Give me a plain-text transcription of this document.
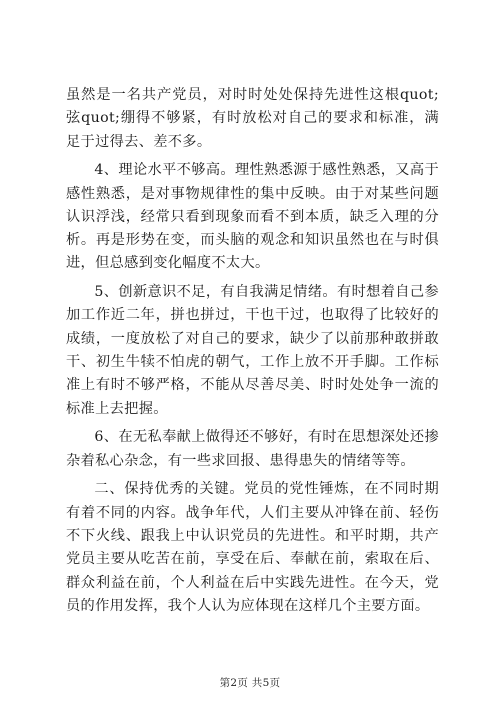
虽然是一名共产党员，对时时处处保持先进性这根quot;弦quot;绷得不够紧，有时放松对自己的要求和标准，满足于过得去、差不多。

4、理论水平不够高。理性熟悉源于感性熟悉，又高于感性熟悉，是对事物规律性的集中反映。由于对某些问题认识浮浅，经常只看到现象而看不到本质，缺乏入理的分析。再是形势在变，而头脑的观念和知识虽然也在与时俱进，但总感到变化幅度不太大。

5、创新意识不足，有自我满足情绪。有时想着自己参加工作近二年，拼也拼过，干也干过，也取得了比较好的成绩，一度放松了对自己的要求，缺少了以前那种敢拼敢干、初生牛犊不怕虎的朝气，工作上放不开手脚。工作标准上有时不够严格，不能从尽善尽美、时时处处争一流的标准上去把握。

6、在无私奉献上做得还不够好，有时在思想深处还掺杂着私心杂念，有一些求回报、患得患失的情绪等等。

二、保持优秀的关键。党员的党性锤炼，在不同时期有着不同的内容。战争年代，人们主要从冲锋在前、轻伤不下火线、跟我上中认识党员的先进性。和平时期，共产党员主要从吃苦在前，享受在后、奉献在前，索取在后、群众利益在前，个人利益在后中实践先进性。在今天，党员的作用发挥，我个人认为应体现在这样几个主要方面。

第2页 共5页
